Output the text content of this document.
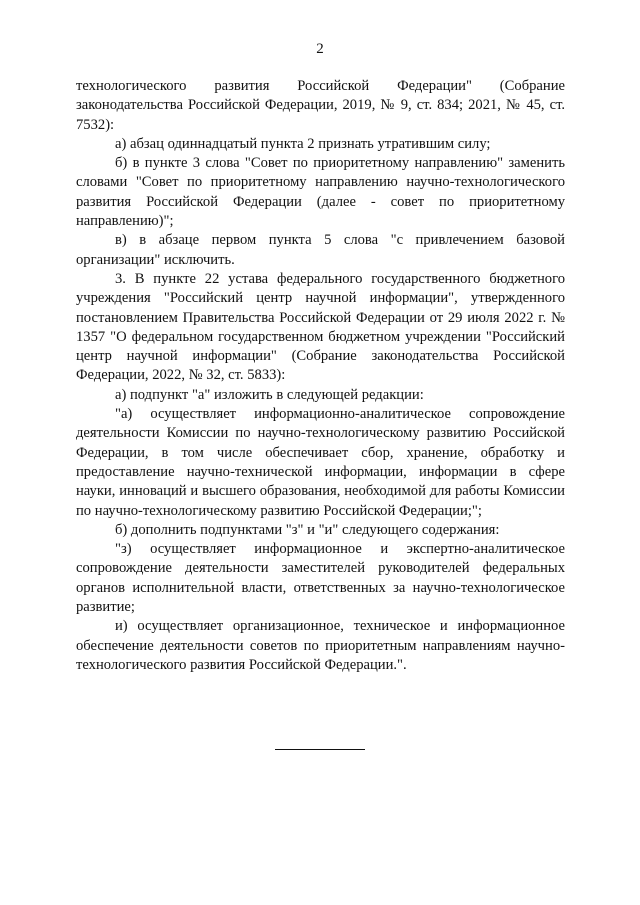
2

технологического развития Российской Федерации" (Собрание законодательства Российской Федерации, 2019, № 9, ст. 834; 2021, № 45, ст. 7532):

а) абзац одиннадцатый пункта 2 признать утратившим силу;

б) в пункте 3 слова "Совет по приоритетному направлению" заменить словами "Совет по приоритетному направлению научно-технологического развития Российской Федерации (далее - совет по приоритетному направлению)";

в) в абзаце первом пункта 5 слова "с привлечением базовой организации" исключить.

3. В пункте 22 устава федерального государственного бюджетного учреждения "Российский центр научной информации", утвержденного постановлением Правительства Российской Федерации от 29 июля 2022 г. № 1357 "О федеральном государственном бюджетном учреждении "Российский центр научной информации" (Собрание законодательства Российской Федерации, 2022, № 32, ст. 5833):

а) подпункт "а" изложить в следующей редакции:

"а) осуществляет информационно-аналитическое сопровождение деятельности Комиссии по научно-технологическому развитию Российской Федерации, в том числе обеспечивает сбор, хранение, обработку и предоставление научно-технической информации, информации в сфере науки, инноваций и высшего образования, необходимой для работы Комиссии по научно-технологическому развитию Российской Федерации;";

б) дополнить подпунктами "з" и "и" следующего содержания:

"з) осуществляет информационное и экспертно-аналитическое сопровождение деятельности заместителей руководителей федеральных органов исполнительной власти, ответственных за научно-технологическое развитие;

и) осуществляет организационное, техническое и информационное обеспечение деятельности советов по приоритетным направлениям научно-технологического развития Российской Федерации.".
